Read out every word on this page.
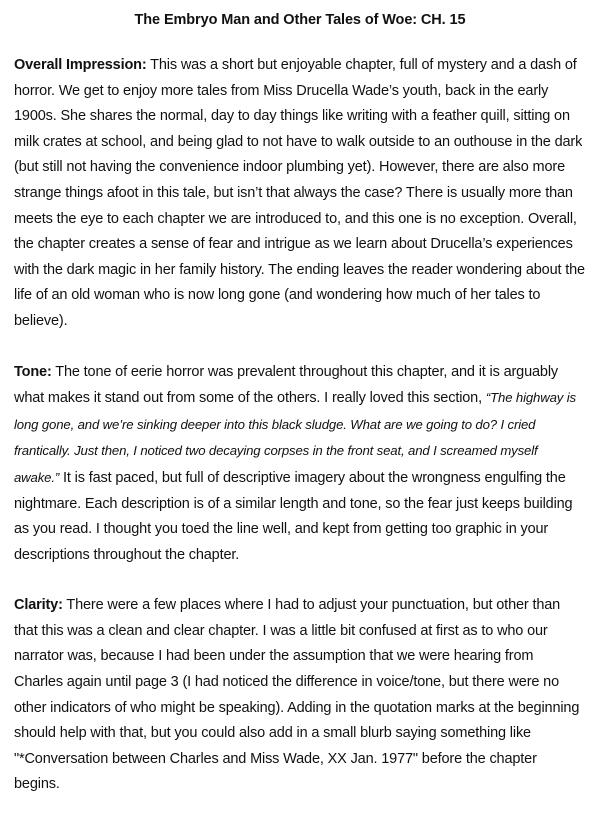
The Embryo Man and Other Tales of Woe: CH. 15
Overall Impression: This was a short but enjoyable chapter, full of mystery and a dash of horror. We get to enjoy more tales from Miss Drucella Wade’s youth, back in the early 1900s. She shares the normal, day to day things like writing with a feather quill, sitting on milk crates at school, and being glad to not have to walk outside to an outhouse in the dark (but still not having the convenience indoor plumbing yet). However, there are also more strange things afoot in this tale, but isn’t that always the case? There is usually more than meets the eye to each chapter we are introduced to, and this one is no exception. Overall, the chapter creates a sense of fear and intrigue as we learn about Drucella’s experiences with the dark magic in her family history. The ending leaves the reader wondering about the life of an old woman who is now long gone (and wondering how much of her tales to believe).
Tone: The tone of eerie horror was prevalent throughout this chapter, and it is arguably what makes it stand out from some of the others. I really loved this section, “The highway is long gone, and we’re sinking deeper into this black sludge. What are we going to do? I cried frantically. Just then, I noticed two decaying corpses in the front seat, and I screamed myself awake.” It is fast paced, but full of descriptive imagery about the wrongness engulfing the nightmare. Each description is of a similar length and tone, so the fear just keeps building as you read. I thought you toed the line well, and kept from getting too graphic in your descriptions throughout the chapter.
Clarity: There were a few places where I had to adjust your punctuation, but other than that this was a clean and clear chapter. I was a little bit confused at first as to who our narrator was, because I had been under the assumption that we were hearing from Charles again until page 3 (I had noticed the difference in voice/tone, but there were no other indicators of who might be speaking). Adding in the quotation marks at the beginning should help with that, but you could also add in a small blurb saying something like "*Conversation between Charles and Miss Wade, XX Jan. 1977" before the chapter begins.
